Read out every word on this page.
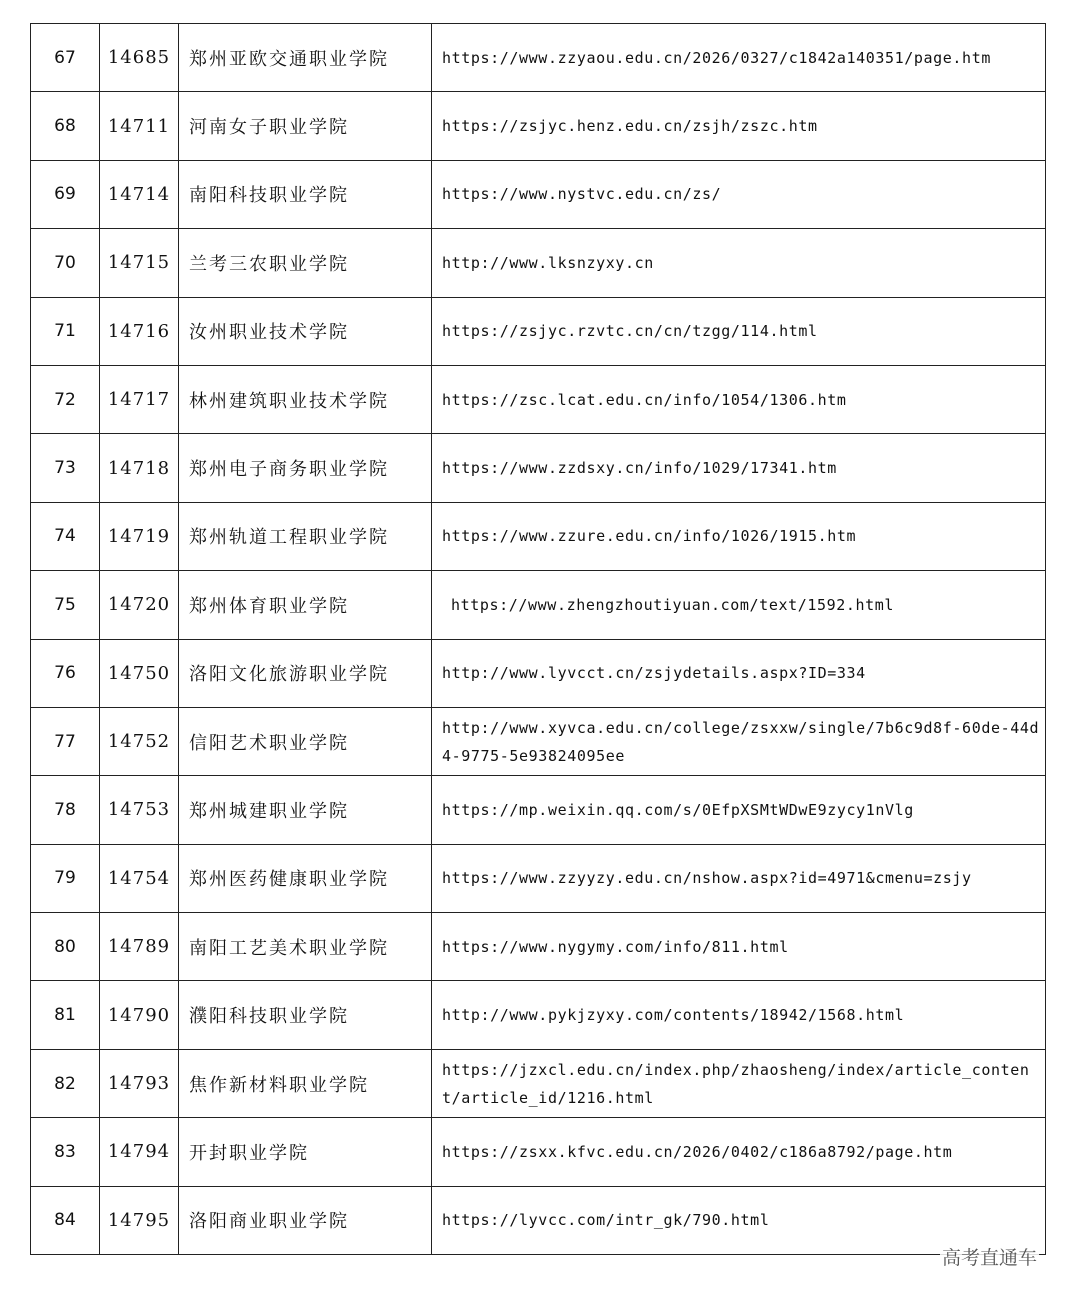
67	14685	郑州亚欧交通职业学院	https://www.zzyaou.edu.cn/2026/0327/c1842a140351/page.htm
68	14711	河南女子职业学院	https://zsjyc.henz.edu.cn/zsjh/zszc.htm
69	14714	南阳科技职业学院	https://www.nystvc.edu.cn/zs/
70	14715	兰考三农职业学院	http://www.lksnzyxy.cn
71	14716	汝州职业技术学院	https://zsjyc.rzvtc.cn/cn/tzgg/114.html
72	14717	林州建筑职业技术学院	https://zsc.lcat.edu.cn/info/1054/1306.htm
73	14718	郑州电子商务职业学院	https://www.zzdsxy.cn/info/1029/17341.htm
74	14719	郑州轨道工程职业学院	https://www.zzure.edu.cn/info/1026/1915.htm
75	14720	郑州体育职业学院	https://www.zhengzhoutiyuan.com/text/1592.html
76	14750	洛阳文化旅游职业学院	http://www.lyvcct.cn/zsjydetails.aspx?ID=334
77	14752	信阳艺术职业学院	http://www.xyvca.edu.cn/college/zsxxw/single/7b6c9d8f-60de-44d4-9775-5e93824095ee
78	14753	郑州城建职业学院	https://mp.weixin.qq.com/s/0EfpXSMtWDwE9zycy1nVlg
79	14754	郑州医药健康职业学院	https://www.zzyyzy.edu.cn/nshow.aspx?id=4971&cmenu=zsjy
80	14789	南阳工艺美术职业学院	https://www.nygymy.com/info/811.html
81	14790	濮阳科技职业学院	http://www.pykjzyxy.com/contents/18942/1568.html
82	14793	焦作新材料职业学院	https://jzxcl.edu.cn/index.php/zhaosheng/index/article_content/article_id/1216.html
83	14794	开封职业学院	https://zsxx.kfvc.edu.cn/2026/0402/c186a8792/page.htm
84	14795	洛阳商业职业学院	https://lyvcc.com/intr_gk/790.html
高考直通车
